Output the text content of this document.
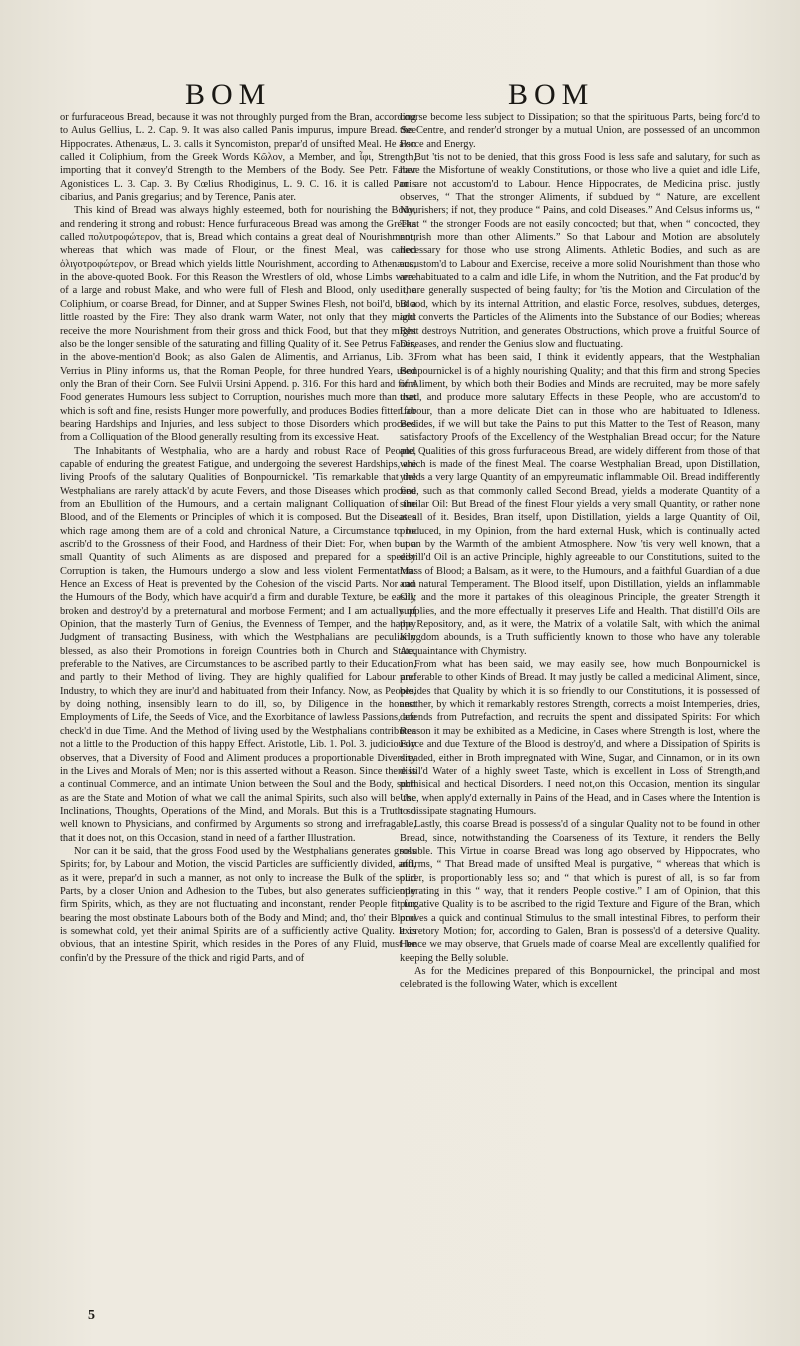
BOM	BOM

or furfuraceous Bread, because it was not throughly purged from the Bran, according to Aulus Gellius, L. 2. Cap. 9. It was also called Panis impurus, impure Bread. See Hippocrates. Athenæus, L. 3. calls it Syncomiston, prepar'd of unsifted Meal. He also called it Coliphium, from the Greek Words Κῶλον, a Member, and ἶφι, Strength, importing that it convey'd Strength to the Members of the Body. See Petr. Faber Agonistices L. 3. Cap. 3. By Cœlius Rhodiginus, L. 9. C. 16. it is called Panis cibarius, and Panis gregarius; and by Terence, Panis ater.

This kind of Bread was always highly esteemed, both for nourishing the Body, and rendering it strong and robust: Hence furfuraceous Bread was among the Greeks called πολυτροφώτερον, that is, Bread which contains a great deal of Nourishment; whereas that which was made of Flour, or the finest Meal, was called ὀλιγοτροφώτερον, or Bread which yields little Nourishment, according to Athenæus, in the above-quoted Book. For this Reason the Wrestlers of old, whose Limbs were of a large and robust Make, and who were full of Flesh and Blood, only used the Coliphium, or coarse Bread, for Dinner, and at Supper Swines Flesh, not boil'd, but a little roasted by the Fire: They also drank warm Water, not only that they might receive the more Nourishment from their gross and thick Food, but that they might also be the longer sensible of the saturating and filling Quality of it. See Petrus Faber, in the above-mention'd Book; as also Galen de Alimentis, and Arrianus, Lib. 3. Verrius in Pliny informs us, that the Roman People, for three hundred Years, used only the Bran of their Corn. See Fulvii Ursini Append. p. 316. For this hard and firm Food generates Humours less subject to Corruption, nourishes much more than that which is soft and fine, resists Hunger more powerfully, and produces Bodies fitter for bearing Hardships and Injuries, and less subject to those Disorders which proceed from a Colliquation of the Blood generally resulting from its excessive Heat.

The Inhabitants of Westphalia, who are a hardy and robust Race of People, capable of enduring the greatest Fatigue, and undergoing the severest Hardships, are living Proofs of the salutary Qualities of Bonpournickel. 'Tis remarkable that the Westphalians are rarely attack'd by acute Fevers, and those Diseases which proceed from an Ebullition of the Humours, and a certain malignant Colliquation of the Blood, and of the Elements or Principles of which it is composed. But the Diseases which rage among them are of a cold and chronical Nature, a Circumstance to be ascrib'd to the Grossness of their Food, and Hardness of their Diet: For, when but a small Quantity of such Aliments as are disposed and prepared for a speedy Corruption is taken, the Humours undergo a slow and less violent Fermentation: Hence an Excess of Heat is prevented by the Cohesion of the viscid Parts. Nor can the Humours of the Body, which have acquir'd a firm and durable Texture, be easily broken and destroy'd by a preternatural and morbose Ferment; and I am actually of Opinion, that the masterly Turn of Genius, the Evenness of Temper, and the happy Judgment of transacting Business, with which the Westphalians are peculiarly blessed, as also their Promotions in foreign Countries both in Church and State, preferable to the Natives, are Circumstances to be ascribed partly to their Education, and partly to their Method of living. They are highly qualified for Labour and Industry, to which they are inur'd and habituated from their Infancy. Now, as People, by doing nothing, insensibly learn to do ill, so, by Diligence in the honest Employments of Life, the Seeds of Vice, and the Exorbitance of lawless Passions, are check'd in due Time. And the Method of living used by the Westphalians contributes not a little to the Production of this happy Effect. Aristotle, Lib. 1. Pol. 3. judiciously observes, that a Diversity of Food and Aliment produces a proportionable Diversity in the Lives and Morals of Men; nor is this asserted without a Reason. Since there is a continual Commerce, and an intimate Union between the Soul and the Body, such as are the State and Motion of what we call the animal Spirits, such also will be the Inclinations, Thoughts, Operations of the Mind, and Morals. But this is a Truth so well known to Physicians, and confirmed by Arguments so strong and irrefragable, that it does not, on this Occasion, stand in need of a farther Illustration.

Nor can it be said, that the gross Food used by the Westphalians generates gross Spirits; for, by Labour and Motion, the viscid Particles are sufficiently divided, and, as it were, prepar'd in such a manner, as not only to increase the Bulk of the solid Parts, by a closer Union and Adhesion to the Tubes, but also generates sufficiently firm Spirits, which, as they are not fluctuating and inconstant, render People fit for bearing the most obstinate Labours both of the Body and Mind; and, tho' their Blood is somewhat cold, yet their animal Spirits are of a sufficiently active Quality. It is obvious, that an intestine Spirit, which resides in the Pores of any Fluid, must be confin'd by the Pressure of the thick and rigid Parts, and of

course become less subject to Dissipation; so that the spirituous Parts, being forc'd to the Centre, and render'd stronger by a mutual Union, are possessed of an uncommon Force and Energy.

But 'tis not to be denied, that this gross Food is less safe and salutary, for such as have the Misfortune of weakly Constitutions, or those who live a quiet and idle Life, or are not accustom'd to Labour. Hence Hippocrates, de Medicina prisc. justly observes, “ That the stronger Aliments, if subdued by “ Nature, are excellent Nourishers; if not, they produce “ Pains, and cold Diseases.” And Celsus informs us, “ That “ the stronger Foods are not easily concocted; but that, when “ concocted, they nourish more than other Aliments.” So that Labour and Motion are absolutely necessary for those who use strong Aliments. Athletic Bodies, and such as are accustom'd to Labour and Exercise, receive a more solid Nourishment than those who are habituated to a calm and idle Life, in whom the Nutrition, and the Fat produc'd by it, are generally suspected of being faulty; for 'tis the Motion and Circulation of the Blood, which by its internal Attrition, and elastic Force, resolves, subdues, deterges, and converts the Particles of the Aliments into the Substance of our Bodies; whereas Rest destroys Nutrition, and generates Obstructions, which prove a fruitful Source of Diseases, and render the Genius slow and fluctuating.

From what has been said, I think it evidently appears, that the Westphalian Bonpournickel is of a highly nourishing Quality; and that this firm and strong Species of Aliment, by which both their Bodies and Minds are recruited, may be more safely used, and produce more salutary Effects in these People, who are accustom'd to Labour, than a more delicate Diet can in those who are habituated to Idleness. Besides, if we will but take the Pains to put this Matter to the Test of Reason, many satisfactory Proofs of the Excellency of the Westphalian Bread occur; for the Nature and Qualities of this gross furfuraceous Bread, are widely different from those of that which is made of the finest Meal. The coarse Westphalian Bread, upon Distillation, yields a very large Quantity of an empyreumatic inflammable Oil. Bread indifferently fine, such as that commonly called Second Bread, yields a moderate Quantity of a similar Oil: But Bread of the finest Flour yields a very small Quantity, or rather none at all of it. Besides, Bran itself, upon Distillation, yields a large Quantity of Oil, produced, in my Opinion, from the hard external Husk, which is continually acted upon by the Warmth of the ambient Atmosphere. Now 'tis very well known, that a distill'd Oil is an active Principle, highly agreeable to our Constitutions, suited to the Mass of Blood; a Balsam, as it were, to the Humours, and a faithful Guardian of a due and natural Temperament. The Blood itself, upon Distillation, yields an inflammable Oil; and the more it partakes of this oleaginous Principle, the greater Strength it supplies, and the more effectually it preserves Life and Health. That distill'd Oils are the Repository, and, as it were, the Matrix of a volatile Salt, with which the animal Kingdom abounds, is a Truth sufficiently known to those who have any tolerable Acquaintance with Chymistry.

From what has been said, we may easily see, how much Bonpournickel is preferable to other Kinds of Bread. It may justly be called a medicinal Aliment, since, besides that Quality by which it is so friendly to our Constitutions, it is possessed of another, by which it remarkably restores Strength, corrects a moist Intemperies, dries, defends from Putrefaction, and recruits the spent and dissipated Spirits: For which Reason it may be exhibited as a Medicine, in Cases where Strength is lost, where the Force and due Texture of the Blood is destroy'd, and where a Dissipation of Spirits is dreaded, either in Broth impregnated with Wine, Sugar, and Cinnamon, or in its own distil'd Water of a highly sweet Taste, which is excellent in Loss of Strength,and phthisical and hectical Disorders. I need not,on this Occasion, mention its singular Use, when apply'd externally in Pains of the Head, and in Cases where the Intention is to dissipate stagnating Humours.

Lastly, this coarse Bread is possess'd of a singular Quality not to be found in other Bread, since, notwithstanding the Coarseness of its Texture, it renders the Belly soluble. This Virtue in coarse Bread was long ago observed by Hippocrates, who affirms, “ That Bread made of unsifted Meal is purgative, “ whereas that which is purer, is proportionably less so; and “ that which is purest of all, is so far from operating in this “ way, that it renders People costive.” I am of Opinion, that this purgative Quality is to be ascribed to the rigid Texture and Figure of the Bran, which proves a quick and continual Stimulus to the small intestinal Fibres, to perform their excretory Motion; for, according to Galen, Bran is possess'd of a detersive Quality. Hence we may observe, that Gruels made of coarse Meal are excellently qualified for keeping the Belly soluble.

As for the Medicines prepared of this Bonpournickel, the principal and most celebrated is the following Water, which is excellent

5
